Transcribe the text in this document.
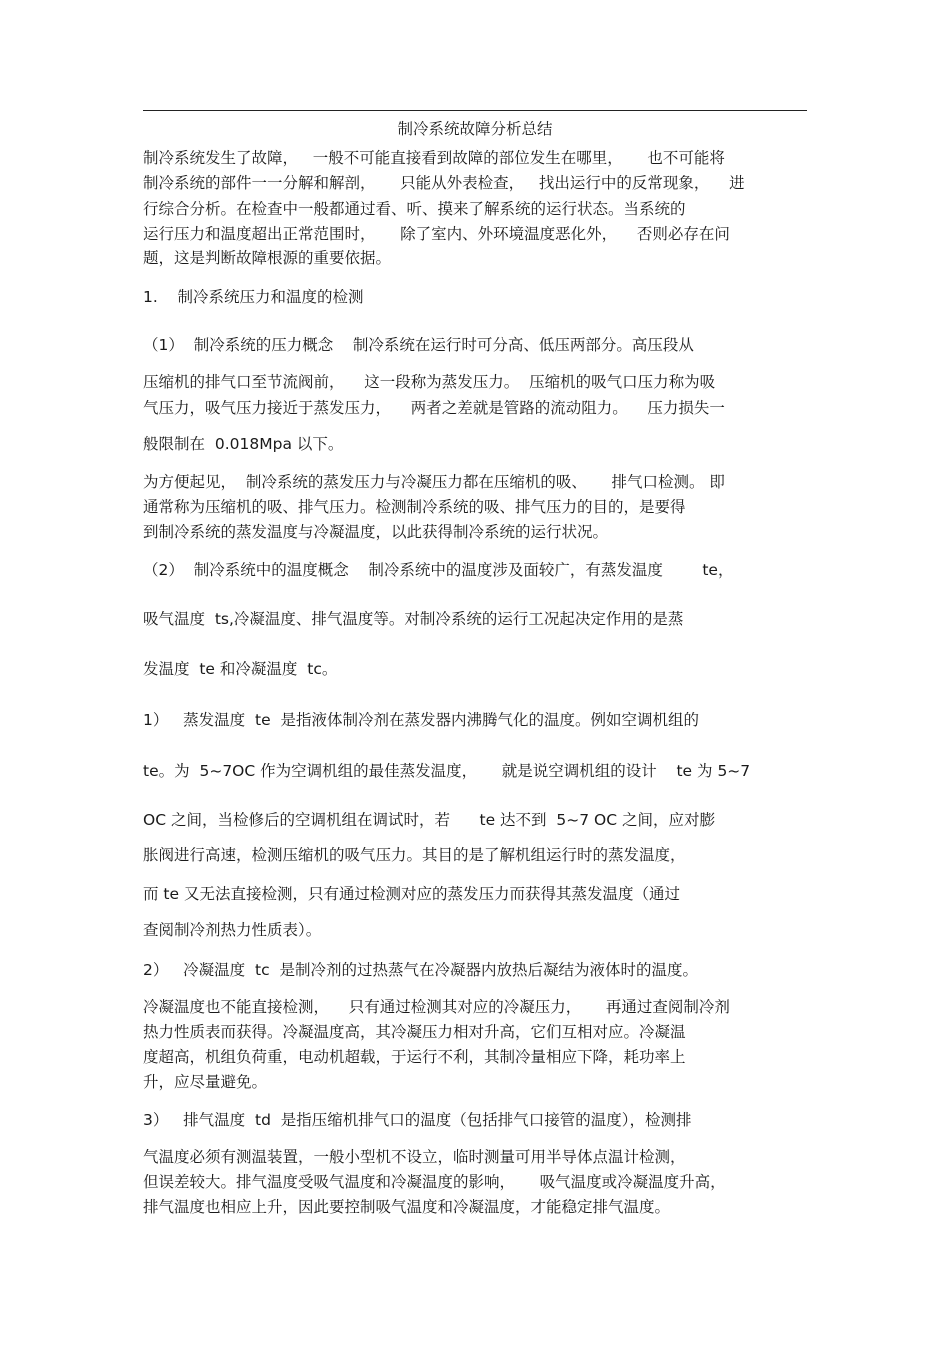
制冷系统故障分析总结
制冷系统发生了故障，   一般不可能直接看到故障的部位发生在哪里，     也不可能将
制冷系统的部件一一分解和解剖，     只能从外表检查，   找出运行中的反常现象，    进
行综合分析。在检查中一般都通过看、听、摸来了解系统的运行状态。当系统的
运行压力和温度超出正常范围时，     除了室内、外环境温度恶化外，    否则必存在问
题，这是判断故障根源的重要依据。
1.    制冷系统压力和温度的检测
（1）  制冷系统的压力概念    制冷系统在运行时可分高、低压两部分。高压段从
压缩机的排气口至节流阀前，    这一段称为蒸发压力。  压缩机的吸气口压力称为吸
气压力，吸气压力接近于蒸发压力，    两者之差就是管路的流动阻力。    压力损失一
般限制在  0.018Mpa 以下。
为方便起见，  制冷系统的蒸发压力与冷凝压力都在压缩机的吸、     排气口检测。 即
通常称为压缩机的吸、排气压力。检测制冷系统的吸、排气压力的目的，是要得
到制冷系统的蒸发温度与冷凝温度，以此获得制冷系统的运行状况。
（2）  制冷系统中的温度概念    制冷系统中的温度涉及面较广，有蒸发温度        te，
吸气温度  ts,冷凝温度、排气温度等。对制冷系统的运行工况起决定作用的是蒸
发温度  te 和冷凝温度  tc。
1）   蒸发温度  te  是指液体制冷剂在蒸发器内沸腾气化的温度。例如空调机组的
te。为  5~7OC 作为空调机组的最佳蒸发温度，     就是说空调机组的设计    te 为 5~7
OC 之间，当检修后的空调机组在调试时，若      te 达不到  5~7 OC 之间，应对膨
胀阀进行高速，检测压缩机的吸气压力。其目的是了解机组运行时的蒸发温度，
而 te 又无法直接检测，只有通过检测对应的蒸发压力而获得其蒸发温度（通过
查阅制冷剂热力性质表）。
2）   冷凝温度  tc  是制冷剂的过热蒸气在冷凝器内放热后凝结为液体时的温度。
冷凝温度也不能直接检测，    只有通过检测其对应的冷凝压力，     再通过查阅制冷剂
热力性质表而获得。冷凝温度高，其冷凝压力相对升高，它们互相对应。冷凝温
度超高，机组负荷重，电动机超载，于运行不利，其制冷量相应下降，耗功率上
升，应尽量避免。
3）   排气温度  td  是指压缩机排气口的温度（包括排气口接管的温度），检测排
气温度必须有测温装置，一般小型机不设立，临时测量可用半导体点温计检测，
但误差较大。排气温度受吸气温度和冷凝温度的影响，     吸气温度或冷凝温度升高，
排气温度也相应上升，因此要控制吸气温度和冷凝温度，才能稳定排气温度。
